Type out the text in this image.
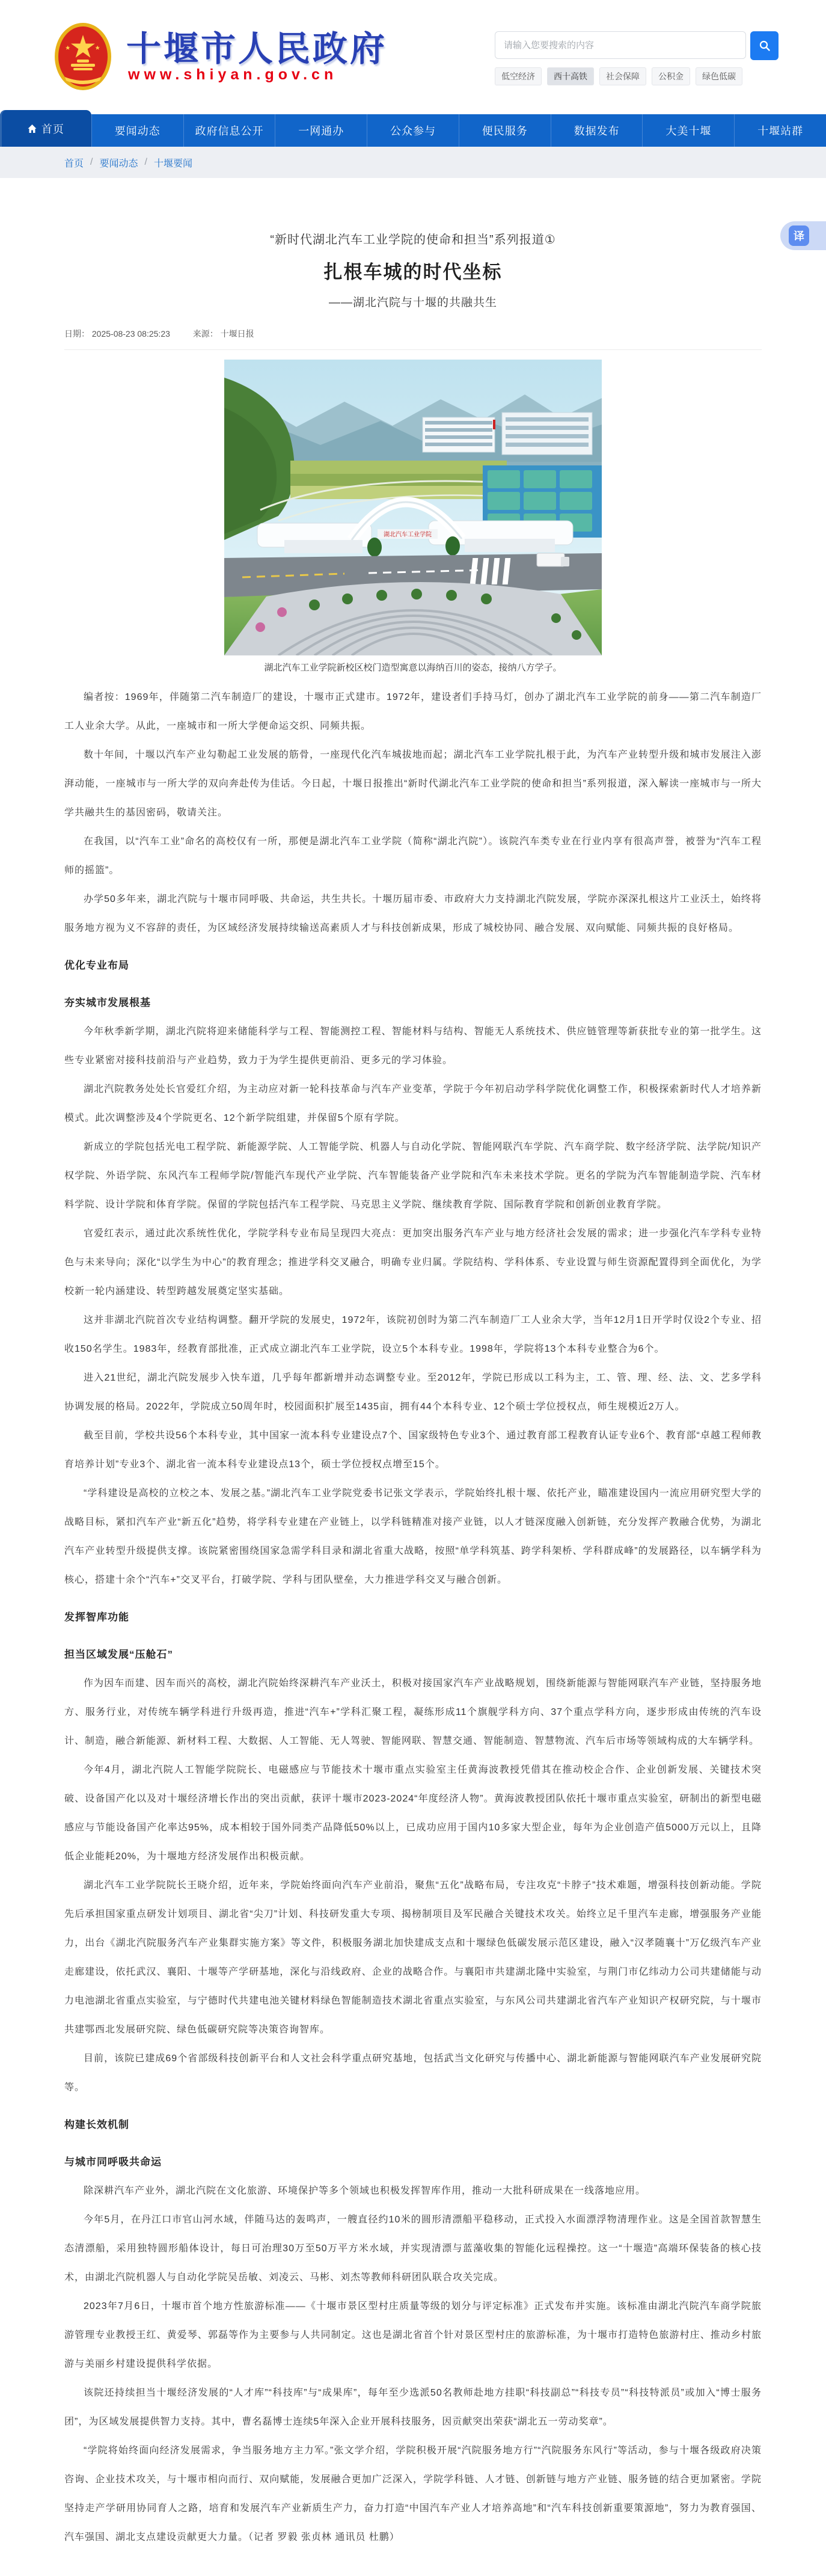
十堰市人民政府
www.shiyan.gov.cn
请输入您要搜索的内容	低空经济	西十高铁	社会保障	公积金	绿色低碳
首页	要闻动态	政府信息公开	一网通办	公众参与	便民服务	数据发布	大美十堰	十堰站群
首页 / 要闻动态 / 十堰要闻
“新时代湖北汽车工业学院的使命和担当”系列报道①
扎根车城的时代坐标
——湖北汽院与十堰的共融共生
日期： 2025-08-23 08:25:23	来源： 十堰日报
湖北汽车工业学院
湖北汽车工业学院新校区校门造型寓意以海纳百川的姿态，接纳八方学子。

编者按：1969年，伴随第二汽车制造厂的建设，十堰市正式建市。1972年，建设者们手持马灯，创办了湖北汽车工业学院的前身——第二汽车制造厂工人业余大学。从此，一座城市和一所大学便命运交织、同频共振。

数十年间，十堰以汽车产业勾勒起工业发展的筋骨，一座现代化汽车城拔地而起；湖北汽车工业学院扎根于此，为汽车产业转型升级和城市发展注入澎湃动能，一座城市与一所大学的双向奔赴传为佳话。今日起，十堰日报推出“新时代湖北汽车工业学院的使命和担当”系列报道，深入解读一座城市与一所大学共融共生的基因密码，敬请关注。

在我国，以“汽车工业”命名的高校仅有一所，那便是湖北汽车工业学院（简称“湖北汽院”）。该院汽车类专业在行业内享有很高声誉，被誉为“汽车工程师的摇篮”。

办学50多年来，湖北汽院与十堰市同呼吸、共命运，共生共长。十堰历届市委、市政府大力支持湖北汽院发展，学院亦深深扎根这片工业沃土，始终将服务地方视为义不容辞的责任，为区域经济发展持续输送高素质人才与科技创新成果，形成了城校协同、融合发展、双向赋能、同频共振的良好格局。

优化专业布局
夯实城市发展根基

今年秋季新学期，湖北汽院将迎来储能科学与工程、智能测控工程、智能材料与结构、智能无人系统技术、供应链管理等新获批专业的第一批学生。这些专业紧密对接科技前沿与产业趋势，致力于为学生提供更前沿、更多元的学习体验。

湖北汽院教务处处长官爱红介绍，为主动应对新一轮科技革命与汽车产业变革，学院于今年初启动学科学院优化调整工作，积极探索新时代人才培养新模式。此次调整涉及4个学院更名、12个新学院组建，并保留5个原有学院。

新成立的学院包括光电工程学院、新能源学院、人工智能学院、机器人与自动化学院、智能网联汽车学院、汽车商学院、数字经济学院、法学院/知识产权学院、外语学院、东风汽车工程师学院/智能汽车现代产业学院、汽车智能装备产业学院和汽车未来技术学院。更名的学院为汽车智能制造学院、汽车材料学院、设计学院和体育学院。保留的学院包括汽车工程学院、马克思主义学院、继续教育学院、国际教育学院和创新创业教育学院。

官爱红表示，通过此次系统性优化，学院学科专业布局呈现四大亮点：更加突出服务汽车产业与地方经济社会发展的需求；进一步强化汽车学科专业特色与未来导向；深化“以学生为中心”的教育理念；推进学科交叉融合，明确专业归属。学院结构、学科体系、专业设置与师生资源配置得到全面优化，为学校新一轮内涵建设、转型跨越发展奠定坚实基础。

这并非湖北汽院首次专业结构调整。翻开学院的发展史，1972年，该院初创时为第二汽车制造厂工人业余大学，当年12月1日开学时仅设2个专业、招收150名学生。1983年，经教育部批准，正式成立湖北汽车工业学院，设立5个本科专业。1998年，学院将13个本科专业整合为6个。

进入21世纪，湖北汽院发展步入快车道，几乎每年都新增并动态调整专业。至2012年，学院已形成以工科为主，工、管、理、经、法、文、艺多学科协调发展的格局。2022年，学院成立50周年时，校园面积扩展至1435亩，拥有44个本科专业、12个硕士学位授权点，师生规模近2万人。

截至目前，学校共设56个本科专业，其中国家一流本科专业建设点7个、国家级特色专业3个、通过教育部工程教育认证专业6个、教育部“卓越工程师教育培养计划”专业3个、湖北省一流本科专业建设点13个，硕士学位授权点增至15个。

“学科建设是高校的立校之本、发展之基。”湖北汽车工业学院党委书记张文学表示，学院始终扎根十堰、依托产业，瞄准建设国内一流应用研究型大学的战略目标，紧扣汽车产业“新五化”趋势，将学科专业建在产业链上，以学科链精准对接产业链，以人才链深度融入创新链，充分发挥产教融合优势，为湖北汽车产业转型升级提供支撑。该院紧密围绕国家急需学科目录和湖北省重大战略，按照“单学科筑基、跨学科架桥、学科群成峰”的发展路径，以车辆学科为核心，搭建十余个“汽车+”交叉平台，打破学院、学科与团队壁垒，大力推进学科交叉与融合创新。

发挥智库功能
担当区域发展“压舱石”

作为因车而建、因车而兴的高校，湖北汽院始终深耕汽车产业沃土，积极对接国家汽车产业战略规划，围绕新能源与智能网联汽车产业链，坚持服务地方、服务行业，对传统车辆学科进行升级再造，推进“汽车+”学科汇聚工程，凝练形成11个旗舰学科方向、37个重点学科方向，逐步形成由传统的汽车设计、制造，融合新能源、新材料工程、大数据、人工智能、无人驾驶、智能网联、智慧交通、智能制造、智慧物流、汽车后市场等领域构成的大车辆学科。

今年4月，湖北汽院人工智能学院院长、电磁感应与节能技术十堰市重点实验室主任黄海波教授凭借其在推动校企合作、企业创新发展、关键技术突破、设备国产化以及对十堰经济增长作出的突出贡献，获评十堰市2023-2024“年度经济人物”。黄海波教授团队依托十堰市重点实验室，研制出的新型电磁感应与节能设备国产化率达95%，成本相较于国外同类产品降低50%以上，已成功应用于国内10多家大型企业，每年为企业创造产值5000万元以上，且降低企业能耗20%，为十堰地方经济发展作出积极贡献。

湖北汽车工业学院院长王晓介绍，近年来，学院始终面向汽车产业前沿，聚焦“五化”战略布局，专注攻克“卡脖子”技术难题，增强科技创新动能。学院先后承担国家重点研发计划项目、湖北省“尖刀”计划、科技研发重大专项、揭榜制项目及军民融合关键技术攻关。始终立足千里汽车走廊，增强服务产业能力，出台《湖北汽院服务汽车产业集群实施方案》等文件，积极服务湖北加快建成支点和十堰绿色低碳发展示范区建设，融入“汉孝随襄十”万亿级汽车产业走廊建设，依托武汉、襄阳、十堰等产学研基地，深化与沿线政府、企业的战略合作。与襄阳市共建湖北隆中实验室，与荆门市亿纬动力公司共建储能与动力电池湖北省重点实验室，与宁德时代共建电池关键材料绿色智能制造技术湖北省重点实验室，与东风公司共建湖北省汽车产业知识产权研究院，与十堰市共建鄂西北发展研究院、绿色低碳研究院等决策咨询智库。

目前，该院已建成69个省部级科技创新平台和人文社会科学重点研究基地，包括武当文化研究与传播中心、湖北新能源与智能网联汽车产业发展研究院等。

构建长效机制
与城市同呼吸共命运

除深耕汽车产业外，湖北汽院在文化旅游、环境保护等多个领域也积极发挥智库作用，推动一大批科研成果在一线落地应用。

今年5月，在丹江口市官山河水域，伴随马达的轰鸣声，一艘直径约10米的圆形清漂船平稳移动，正式投入水面漂浮物清理作业。这是全国首款智慧生态清漂船，采用独特圆形船体设计，每日可治理30万至50万平方米水域，并实现清漂与蓝藻收集的智能化远程操控。这一“十堰造”高端环保装备的核心技术，由湖北汽院机器人与自动化学院吴岳敏、刘凌云、马彬、刘杰等教师科研团队联合攻关完成。

2023年7月6日，十堰市首个地方性旅游标准——《十堰市景区型村庄质量等级的划分与评定标准》正式发布并实施。该标准由湖北汽院汽车商学院旅游管理专业教授王红、黄爱琴、郭磊等作为主要参与人共同制定。这也是湖北省首个针对景区型村庄的旅游标准，为十堰市打造特色旅游村庄、推动乡村旅游与美丽乡村建设提供科学依据。

该院还持续担当十堰经济发展的“人才库”“科技库”与“成果库”，每年至少选派50名教师赴地方挂职“科技副总”“科技专员”“科技特派员”或加入“博士服务团”，为区域发展提供智力支持。其中，曹名磊博士连续5年深入企业开展科技服务，因贡献突出荣获“湖北五一劳动奖章”。

“学院将始终面向经济发展需求，争当服务地方主力军。”张文学介绍，学院积极开展“汽院服务地方行”“汽院服务东风行”等活动，参与十堰各级政府决策咨询、企业技术攻关，与十堰市相向而行、双向赋能，发展融合更加广泛深入，学院学科链、人才链、创新链与地方产业链、服务链的结合更加紧密。学院坚持走产学研用协同育人之路，培育和发展汽车产业新质生产力，奋力打造“中国汽车产业人才培养高地”和“汽车科技创新重要策源地”，努力为教育强国、汽车强国、湖北支点建设贡献更大力量。（记者 罗毅 张贞林 通讯员 杜鹏）

译
